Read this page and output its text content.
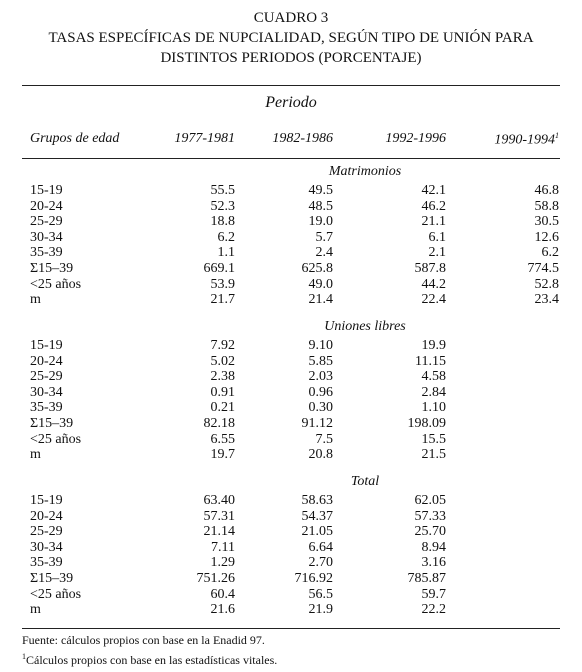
CUADRO 3
TASAS ESPECÍFICAS DE NUPCIALIDAD, SEGÚN TIPO DE UNIÓN PARA
DISTINTOS PERIODOS (PORCENTAJE)
Periodo
Grupos de edad	1977-1981	1982-1986	1992-1996	1990-1994$^1$
Matrimonios
15-19	55.5	49.5	42.1	46.8
20-24	52.3	48.5	46.2	58.8
25-29	18.8	19.0	21.1	30.5
30-34	6.2	5.7	6.1	12.6
35-39	1.1	2.4	2.1	6.2
Σ15–39	669.1	625.8	587.8	774.5
<25 años	53.9	49.0	44.2	52.8
m	21.7	21.4	22.4	23.4
Uniones libres
15-19	7.92	9.10	19.9
20-24	5.02	5.85	11.15
25-29	2.38	2.03	4.58
30-34	0.91	0.96	2.84
35-39	0.21	0.30	1.10
Σ15–39	82.18	91.12	198.09
<25 años	6.55	7.5	15.5
m	19.7	20.8	21.5
Total
15-19	63.40	58.63	62.05
20-24	57.31	54.37	57.33
25-29	21.14	21.05	25.70
30-34	7.11	6.64	8.94
35-39	1.29	2.70	3.16
Σ15–39	751.26	716.92	785.87
<25 años	60.4	56.5	59.7
m	21.6	21.9	22.2
Fuente: cálculos propios con base en la Enadid 97.
$^1$Cálculos propios con base en las estadísticas vitales.
